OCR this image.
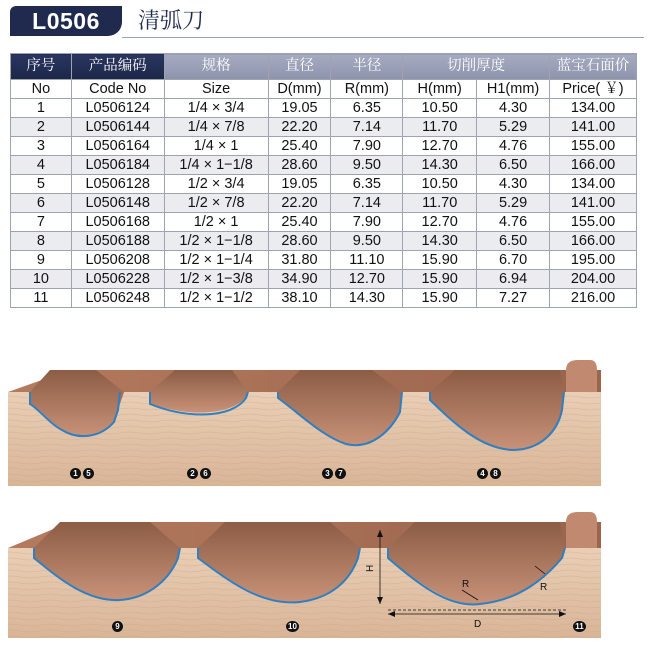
L0506	清弧刀
序号	产品编码	规格	直径	半径	切削厚度		蓝宝石面价
No	Code No	Size	D(mm)	R(mm)	H(mm)	H1(mm)	Price( ￥)
1	L0506124	1/4 × 3/4	19.05	6.35	10.50	4.30	134.00
2	L0506144	1/4 × 7/8	22.20	7.14	11.70	5.29	141.00
3	L0506164	1/4 × 1	25.40	7.90	12.70	4.76	155.00
4	L0506184	1/4 × 1−1/8	28.60	9.50	14.30	6.50	166.00
5	L0506128	1/2 × 3/4	19.05	6.35	10.50	4.30	134.00
6	L0506148	1/2 × 7/8	22.20	7.14	11.70	5.29	141.00
7	L0506168	1/2 × 1	25.40	7.90	12.70	4.76	155.00
8	L0506188	1/2 × 1−1/8	28.60	9.50	14.30	6.50	166.00
9	L0506208	1/2 × 1−1/4	31.80	11.10	15.90	6.70	195.00
10	L0506228	1/2 × 1−3/8	34.90	12.70	15.90	6.94	204.00
11	L0506248	1/2 × 1−1/2	38.10	14.30	15.90	7.27	216.00
H
R	R
D
1 5	2 6	3 7	4 8
9	10	11
